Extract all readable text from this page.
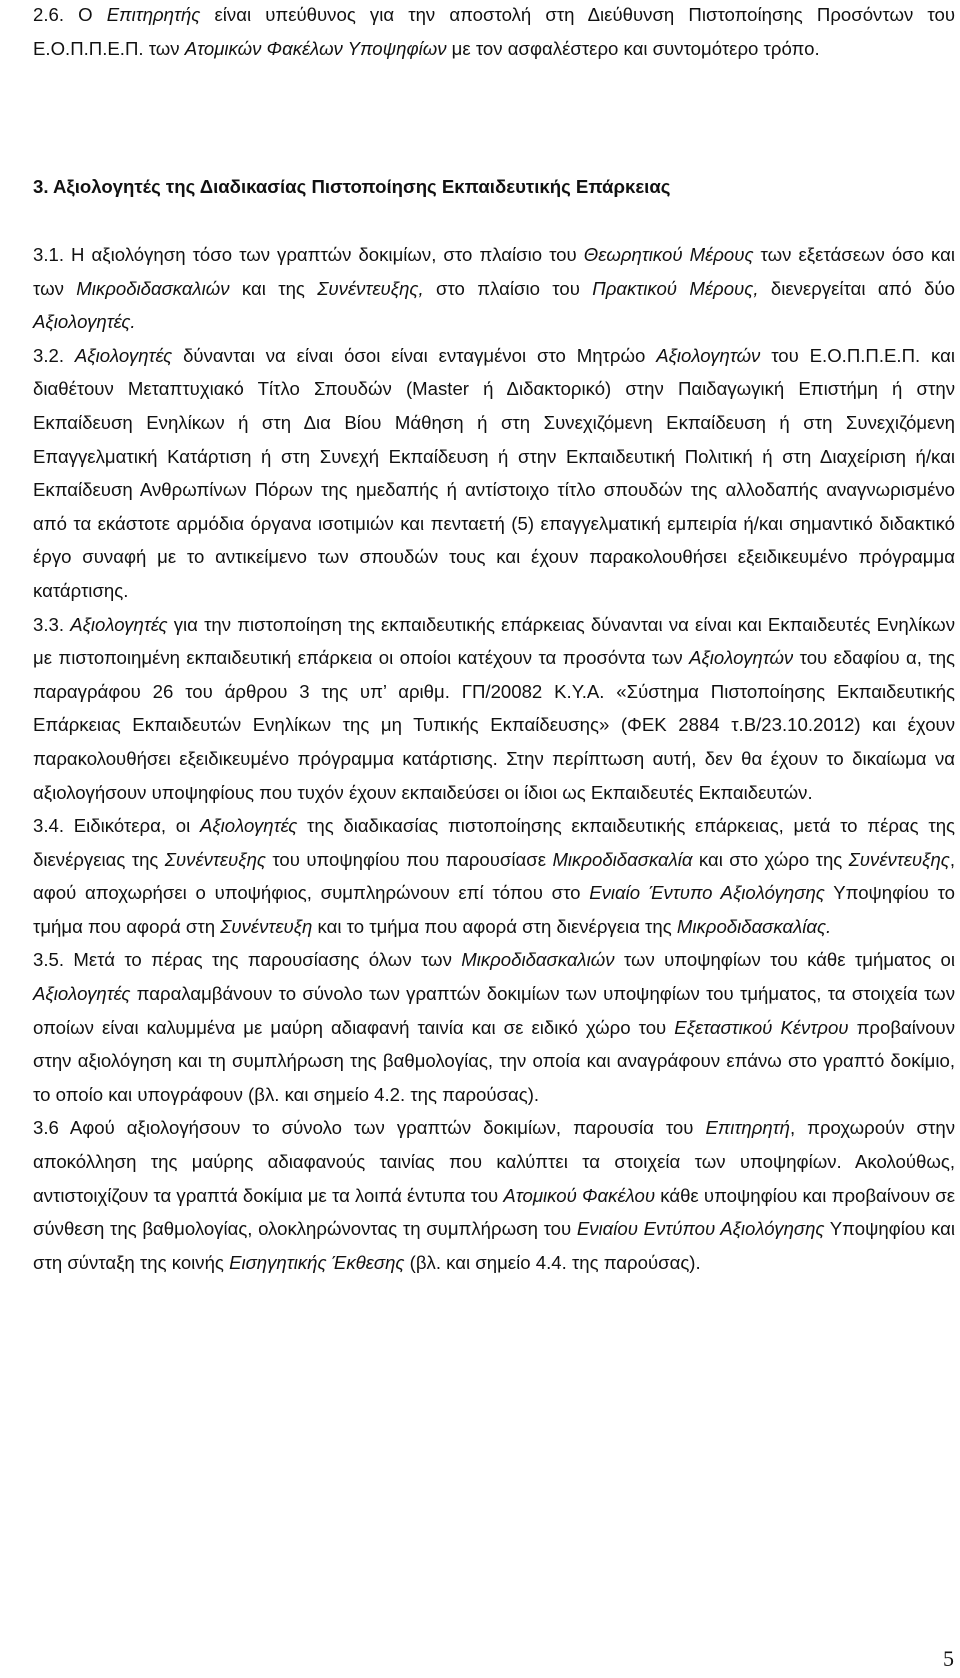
2.6. Ο Επιτηρητής είναι υπεύθυνος για την αποστολή στη Διεύθυνση Πιστοποίησης Προσόντων του Ε.Ο.Π.Π.Ε.Π. των Ατομικών Φακέλων Υποψηφίων με τον ασφαλέστερο και συντομότερο τρόπο.

3. Αξιολογητές της Διαδικασίας Πιστοποίησης Εκπαιδευτικής Επάρκειας

3.1. Η αξιολόγηση τόσο των γραπτών δοκιμίων, στο πλαίσιο του Θεωρητικού Μέρους των εξετάσεων όσο και των Μικροδιδασκαλιών και της Συνέντευξης, στο πλαίσιο του Πρακτικού Μέρους, διενεργείται από δύο Αξιολογητές.

3.2. Αξιολογητές δύνανται να είναι όσοι είναι ενταγμένοι στο Μητρώο Αξιολογητών του Ε.Ο.Π.Π.Ε.Π. και διαθέτουν Μεταπτυχιακό Τίτλο Σπουδών (Master ή Διδακτορικό) στην Παιδαγωγική Επιστήμη ή στην Εκπαίδευση Ενηλίκων ή στη Δια Βίου Μάθηση ή στη Συνεχιζόμενη Εκπαίδευση ή στη Συνεχιζόμενη Επαγγελματική Κατάρτιση ή στη Συνεχή Εκπαίδευση ή στην Εκπαιδευτική Πολιτική ή στη Διαχείριση ή/και Εκπαίδευση Ανθρωπίνων Πόρων της ημεδαπής ή αντίστοιχο τίτλο σπουδών της αλλοδαπής αναγνωρισμένο από τα εκάστοτε αρμόδια όργανα ισοτιμιών και πενταετή (5) επαγγελματική εμπειρία ή/και σημαντικό διδακτικό έργο συναφή με το αντικείμενο των σπουδών τους και έχουν παρακολουθήσει εξειδικευμένο πρόγραμμα κατάρτισης.

3.3. Αξιολογητές για την πιστοποίηση της εκπαιδευτικής επάρκειας δύνανται να είναι και Εκπαιδευτές Ενηλίκων με πιστοποιημένη εκπαιδευτική επάρκεια οι οποίοι κατέχουν τα προσόντα των Αξιολογητών του εδαφίου α, της παραγράφου 26 του άρθρου 3 της υπ’ αριθμ. ΓΠ/20082 Κ.Υ.Α. «Σύστημα Πιστοποίησης Εκπαιδευτικής Επάρκειας Εκπαιδευτών Ενηλίκων της μη Τυπικής Εκπαίδευσης» (ΦΕΚ 2884 τ.Β/23.10.2012) και έχουν παρακολουθήσει εξειδικευμένο πρόγραμμα κατάρτισης. Στην περίπτωση αυτή, δεν θα έχουν το δικαίωμα να αξιολογήσουν υποψηφίους που τυχόν έχουν εκπαιδεύσει οι ίδιοι ως Εκπαιδευτές Εκπαιδευτών.

3.4. Ειδικότερα, οι Αξιολογητές της διαδικασίας πιστοποίησης εκπαιδευτικής επάρκειας, μετά το πέρας της διενέργειας της Συνέντευξης του υποψηφίου που παρουσίασε Μικροδιδασκαλία και στο χώρο της Συνέντευξης, αφού αποχωρήσει ο υποψήφιος, συμπληρώνουν επί τόπου στο Ενιαίο Έντυπο Αξιολόγησης Υποψηφίου το τμήμα που αφορά στη Συνέντευξη και το τμήμα που αφορά στη διενέργεια της Μικροδιδασκαλίας.

3.5. Μετά το πέρας της παρουσίασης όλων των Μικροδιδασκαλιών των υποψηφίων του κάθε τμήματος οι Αξιολογητές παραλαμβάνουν το σύνολο των γραπτών δοκιμίων των υποψηφίων του τμήματος, τα στοιχεία των οποίων είναι καλυμμένα με μαύρη αδιαφανή ταινία και σε ειδικό χώρο του Εξεταστικού Κέντρου προβαίνουν στην αξιολόγηση και τη συμπλήρωση της βαθμολογίας, την οποία και αναγράφουν επάνω στο γραπτό δοκίμιο, το οποίο και υπογράφουν (βλ. και σημείο 4.2. της παρούσας).

3.6 Αφού αξιολογήσουν το σύνολο των γραπτών δοκιμίων, παρουσία του Επιτηρητή, προχωρούν στην αποκόλληση της μαύρης αδιαφανούς ταινίας που καλύπτει τα στοιχεία των υποψηφίων. Ακολούθως, αντιστοιχίζουν τα γραπτά δοκίμια με τα λοιπά έντυπα του Ατομικού Φακέλου κάθε υποψηφίου και προβαίνουν σε σύνθεση της βαθμολογίας, ολοκληρώνοντας τη συμπλήρωση του Ενιαίου Εντύπου Αξιολόγησης Υποψηφίου και στη σύνταξη της κοινής Εισηγητικής Έκθεσης (βλ. και σημείο 4.4. της παρούσας).

5
